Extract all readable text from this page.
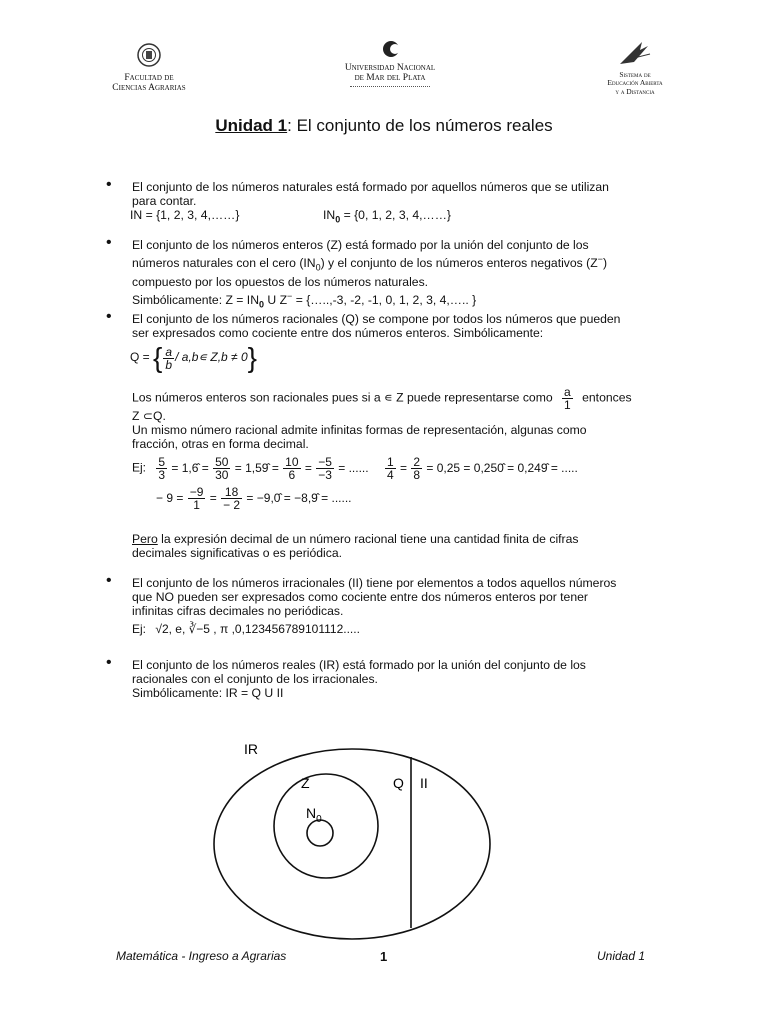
Facultad de
Ciencias Agrarias
Universidad Nacional
de Mar del Plata	Sistema de
Educación Abierta
y a Distancia
Unidad 1: El conjunto de los números reales
• El conjunto de los números naturales está formado por aquellos números que se utilizan
para contar.
IN = {1, 2, 3, 4,……}	$IN_0 = \{0$, 1, 2, 3, 4,……}
• El conjunto de los números enteros (Z) está formado por la unión del conjunto de los
números naturales con el cero $(IN_0)$ y el conjunto de los números enteros negativos (Z−)
compuesto por los opuestos de los números naturales.
Simbólicamente: $Z = IN_0$ U Z− = {…..,-3, -2, -1, 0, 1, 2, 3, 4,….. }
• El conjunto de los números racionales (Q) se compone por todos los números que pueden
ser expresados como cociente entre dos números enteros. Simbólicamente:
Q = { $\frac{a}{b}$ / a,b∊ Z,b ≠ 0}
Los números enteros son racionales pues si a ∊ Z puede representarse como $\frac{a}{1}$ entonces
Z ⊂Q.
Un mismo número racional admite infinitas formas de representación, algunas como
fracción, otras en forma decimal.
Ej: $\frac{5}{3}$ = 1,6̂ = $\frac{50}{30}$ = 1,59̂ = $\frac{10}{6} = \frac{-5}{-3}$ = ...... $\frac{1}{4} = \frac{2}{8} = 0,25$ = 0,250̂ = 0,249̂ = .....
− $9 = \frac{-9}{1} = \frac{18}{- 2}$ = −9,0̂ = −8,9̂ = ......
Pero la expresión decimal de un número racional tiene una cantidad finita de cifras
decimales significativas o es periódica.
• El conjunto de los números irracionales (II) tiene por elementos a todos aquellos números
que NO pueden ser expresados como cociente entre dos números enteros por tener
infinitas cifras decimales no periódicas.
Ej: √2, e, ∛−5 , π ,0,123456789101112.....
• El conjunto de los números reales (IR) está formado por la unión del conjunto de los
racionales con el conjunto de los irracionales.
Simbólicamente: IR = Q U II
IR
Z	Q II
$N_0$
Matemática - Ingreso a Agrarias	1	Unidad 1
